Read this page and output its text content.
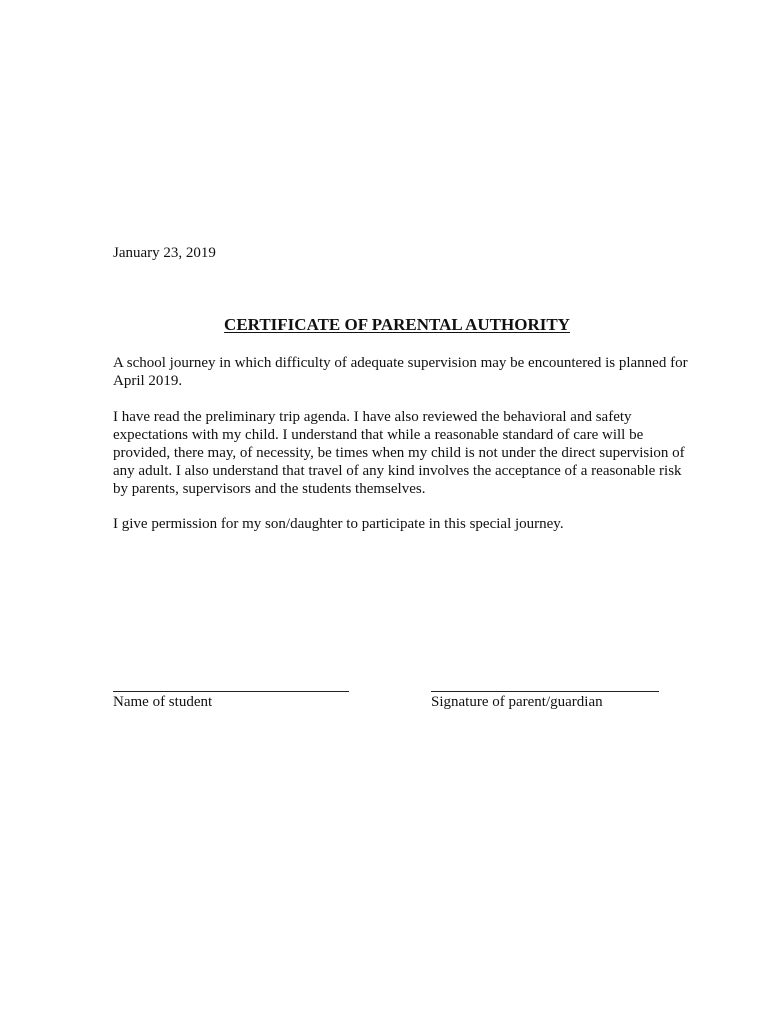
January 23, 2019
CERTIFICATE OF PARENTAL AUTHORITY

A school journey in which difficulty of adequate supervision may be encountered is planned for April 2019.

I have read the preliminary trip agenda. I have also reviewed the behavioral and safety expectations with my child. I understand that while a reasonable standard of care will be provided, there may, of necessity, be times when my child is not under the direct supervision of any adult. I also understand that travel of any kind involves the acceptance of a reasonable risk by parents, supervisors and the students themselves.

I give permission for my son/daughter to participate in this special journey.

Name of student	Signature of parent/guardian
